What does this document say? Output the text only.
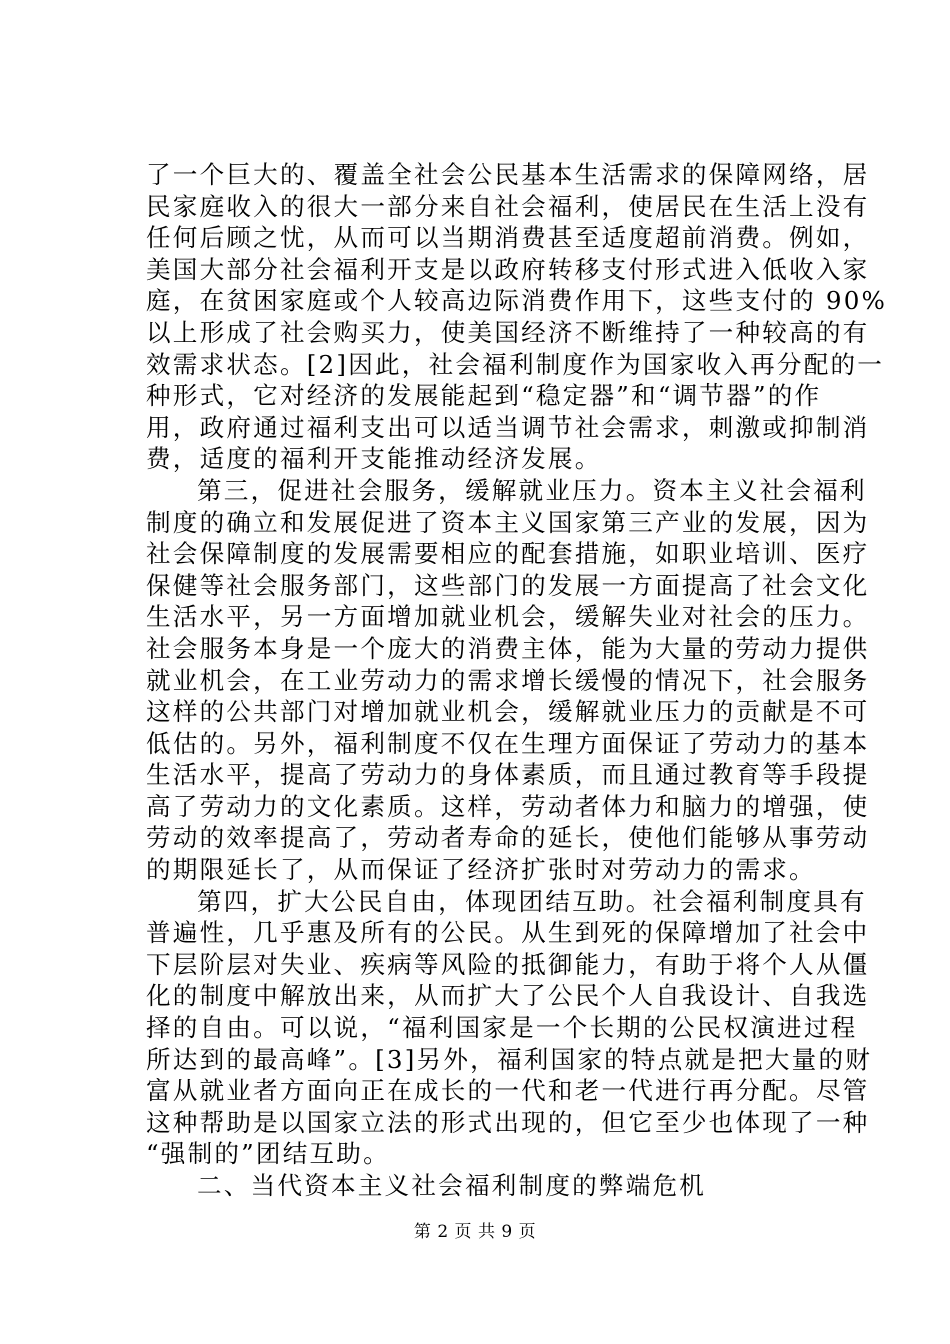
了一个巨大的、覆盖全社会公民基本生活需求的保障网络，居
民家庭收入的很大一部分来自社会福利，使居民在生活上没有
任何后顾之忧，从而可以当期消费甚至适度超前消费。例如，
美国大部分社会福利开支是以政府转移支付形式进入低收入家
庭，在贫困家庭或个人较高边际消费作用下，这些支付的 90%
以上形成了社会购买力，使美国经济不断维持了一种较高的有
效需求状态。[2]因此，社会福利制度作为国家收入再分配的一
种形式，它对经济的发展能起到“稳定器”和“调节器”的作
用，政府通过福利支出可以适当调节社会需求，刺激或抑制消
费，适度的福利开支能推动经济发展。
第三，促进社会服务，缓解就业压力。资本主义社会福利
制度的确立和发展促进了资本主义国家第三产业的发展，因为
社会保障制度的发展需要相应的配套措施，如职业培训、医疗
保健等社会服务部门，这些部门的发展一方面提高了社会文化
生活水平，另一方面增加就业机会，缓解失业对社会的压力。
社会服务本身是一个庞大的消费主体，能为大量的劳动力提供
就业机会，在工业劳动力的需求增长缓慢的情况下，社会服务
这样的公共部门对增加就业机会，缓解就业压力的贡献是不可
低估的。另外，福利制度不仅在生理方面保证了劳动力的基本
生活水平，提高了劳动力的身体素质，而且通过教育等手段提
高了劳动力的文化素质。这样，劳动者体力和脑力的增强，使
劳动的效率提高了，劳动者寿命的延长，使他们能够从事劳动
的期限延长了，从而保证了经济扩张时对劳动力的需求。
第四，扩大公民自由，体现团结互助。社会福利制度具有
普遍性，几乎惠及所有的公民。从生到死的保障增加了社会中
下层阶层对失业、疾病等风险的抵御能力，有助于将个人从僵
化的制度中解放出来，从而扩大了公民个人自我设计、自我选
择的自由。可以说，“福利国家是一个长期的公民权演进过程
所达到的最高峰”。[3]另外，福利国家的特点就是把大量的财
富从就业者方面向正在成长的一代和老一代进行再分配。尽管
这种帮助是以国家立法的形式出现的，但它至少也体现了一种
“强制的”团结互助。
二、当代资本主义社会福利制度的弊端危机
第 2 页 共 9 页
